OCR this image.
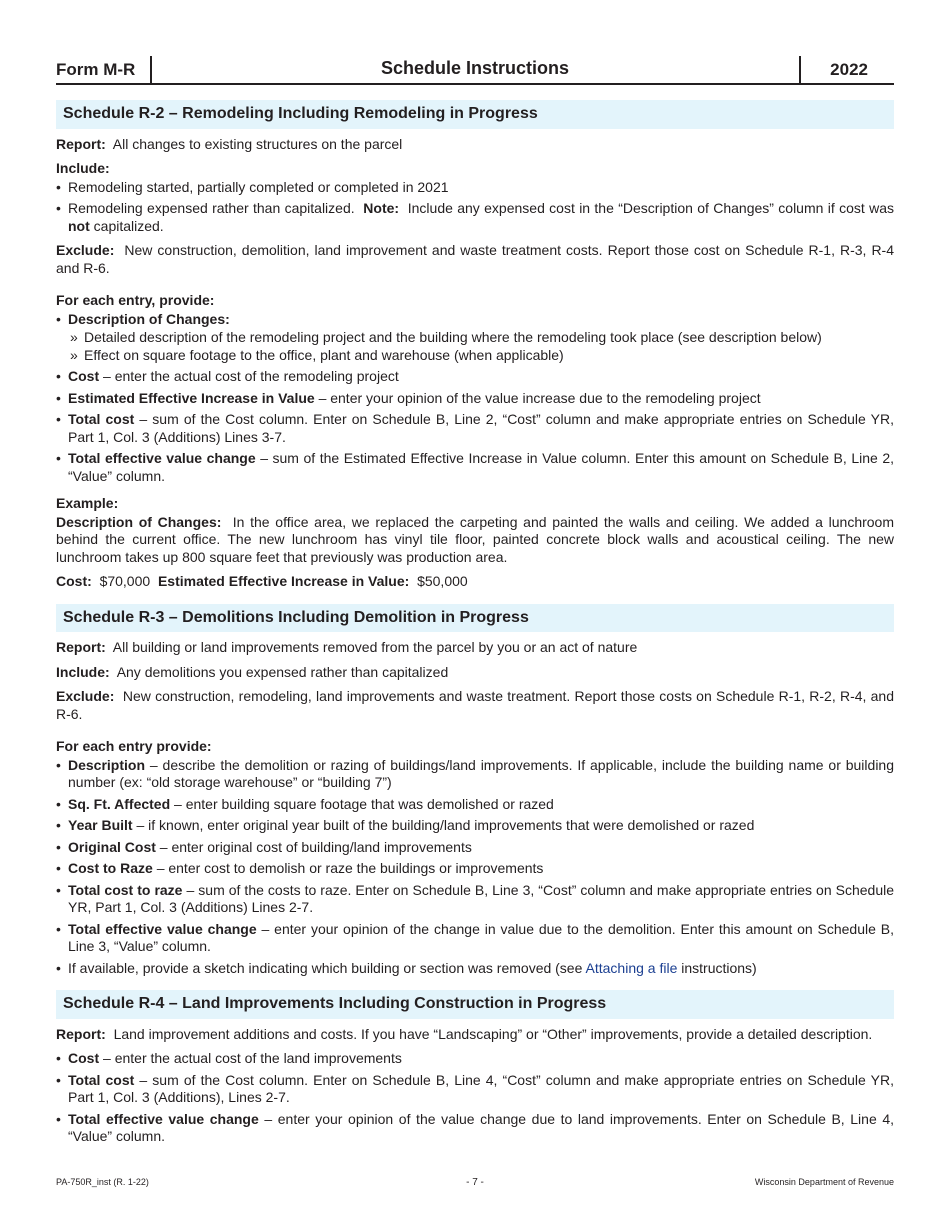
Form M-R	Schedule Instructions	2022
Schedule R-2 – Remodeling Including Remodeling in Progress

Report: All changes to existing structures on the parcel

Include:

• Remodeling started, partially completed or completed in 2021
• Remodeling expensed rather than capitalized. Note: Include any expensed cost in the “Description of Changes” column if cost was not capitalized.

Exclude: New construction, demolition, land improvement and waste treatment costs. Report those cost on Schedule R-1, R-3, R-4 and R-6.

For each entry, provide:

• Description of Changes:
» Detailed description of the remodeling project and the building where the remodeling took place (see description below)
» Effect on square footage to the office, plant and warehouse (when applicable)
• Cost – enter the actual cost of the remodeling project
• Estimated Effective Increase in Value – enter your opinion of the value increase due to the remodeling project
• Total cost – sum of the Cost column. Enter on Schedule B, Line 2, “Cost” column and make appropriate entries on Schedule YR, Part 1, Col. 3 (Additions) Lines 3-7.
• Total effective value change – sum of the Estimated Effective Increase in Value column. Enter this amount on Schedule B, Line 2, “Value” column.

Example:

Description of Changes: In the office area, we replaced the carpeting and painted the walls and ceiling. We added a lunchroom behind the current office. The new lunchroom has vinyl tile floor, painted concrete block walls and acoustical ceiling. The new lunchroom takes up 800 square feet that previously was production area.

Cost: $70,000 Estimated Effective Increase in Value: $50,000

Schedule R-3 – Demolitions Including Demolition in Progress

Report: All building or land improvements removed from the parcel by you or an act of nature

Include: Any demolitions you expensed rather than capitalized

Exclude: New construction, remodeling, land improvements and waste treatment. Report those costs on Schedule R-1, R-2, R-4, and R-6.

For each entry provide:

• Description – describe the demolition or razing of buildings/land improvements. If applicable, include the building name or building number (ex: “old storage warehouse” or “building 7”)
• Sq. Ft. Affected – enter building square footage that was demolished or razed
• Year Built – if known, enter original year built of the building/land improvements that were demolished or razed
• Original Cost – enter original cost of building/land improvements
• Cost to Raze – enter cost to demolish or raze the buildings or improvements
• Total cost to raze – sum of the costs to raze. Enter on Schedule B, Line 3, “Cost” column and make appropriate entries on Schedule YR, Part 1, Col. 3 (Additions) Lines 2-7.
• Total effective value change – enter your opinion of the change in value due to the demolition. Enter this amount on Schedule B, Line 3, “Value” column.
• If available, provide a sketch indicating which building or section was removed (see Attaching a file instructions)
Schedule R-4 – Land Improvements Including Construction in Progress

Report: Land improvement additions and costs. If you have “Landscaping” or “Other” improvements, provide a detailed description.

• Cost – enter the actual cost of the land improvements
• Total cost – sum of the Cost column. Enter on Schedule B, Line 4, “Cost” column and make appropriate entries on Schedule YR, Part 1, Col. 3 (Additions), Lines 2-7.
• Total effective value change – enter your opinion of the value change due to land improvements. Enter on Schedule B, Line 4, “Value” column.
PA-750R_inst (R. 1-22)	- 7 -	Wisconsin Department of Revenue
